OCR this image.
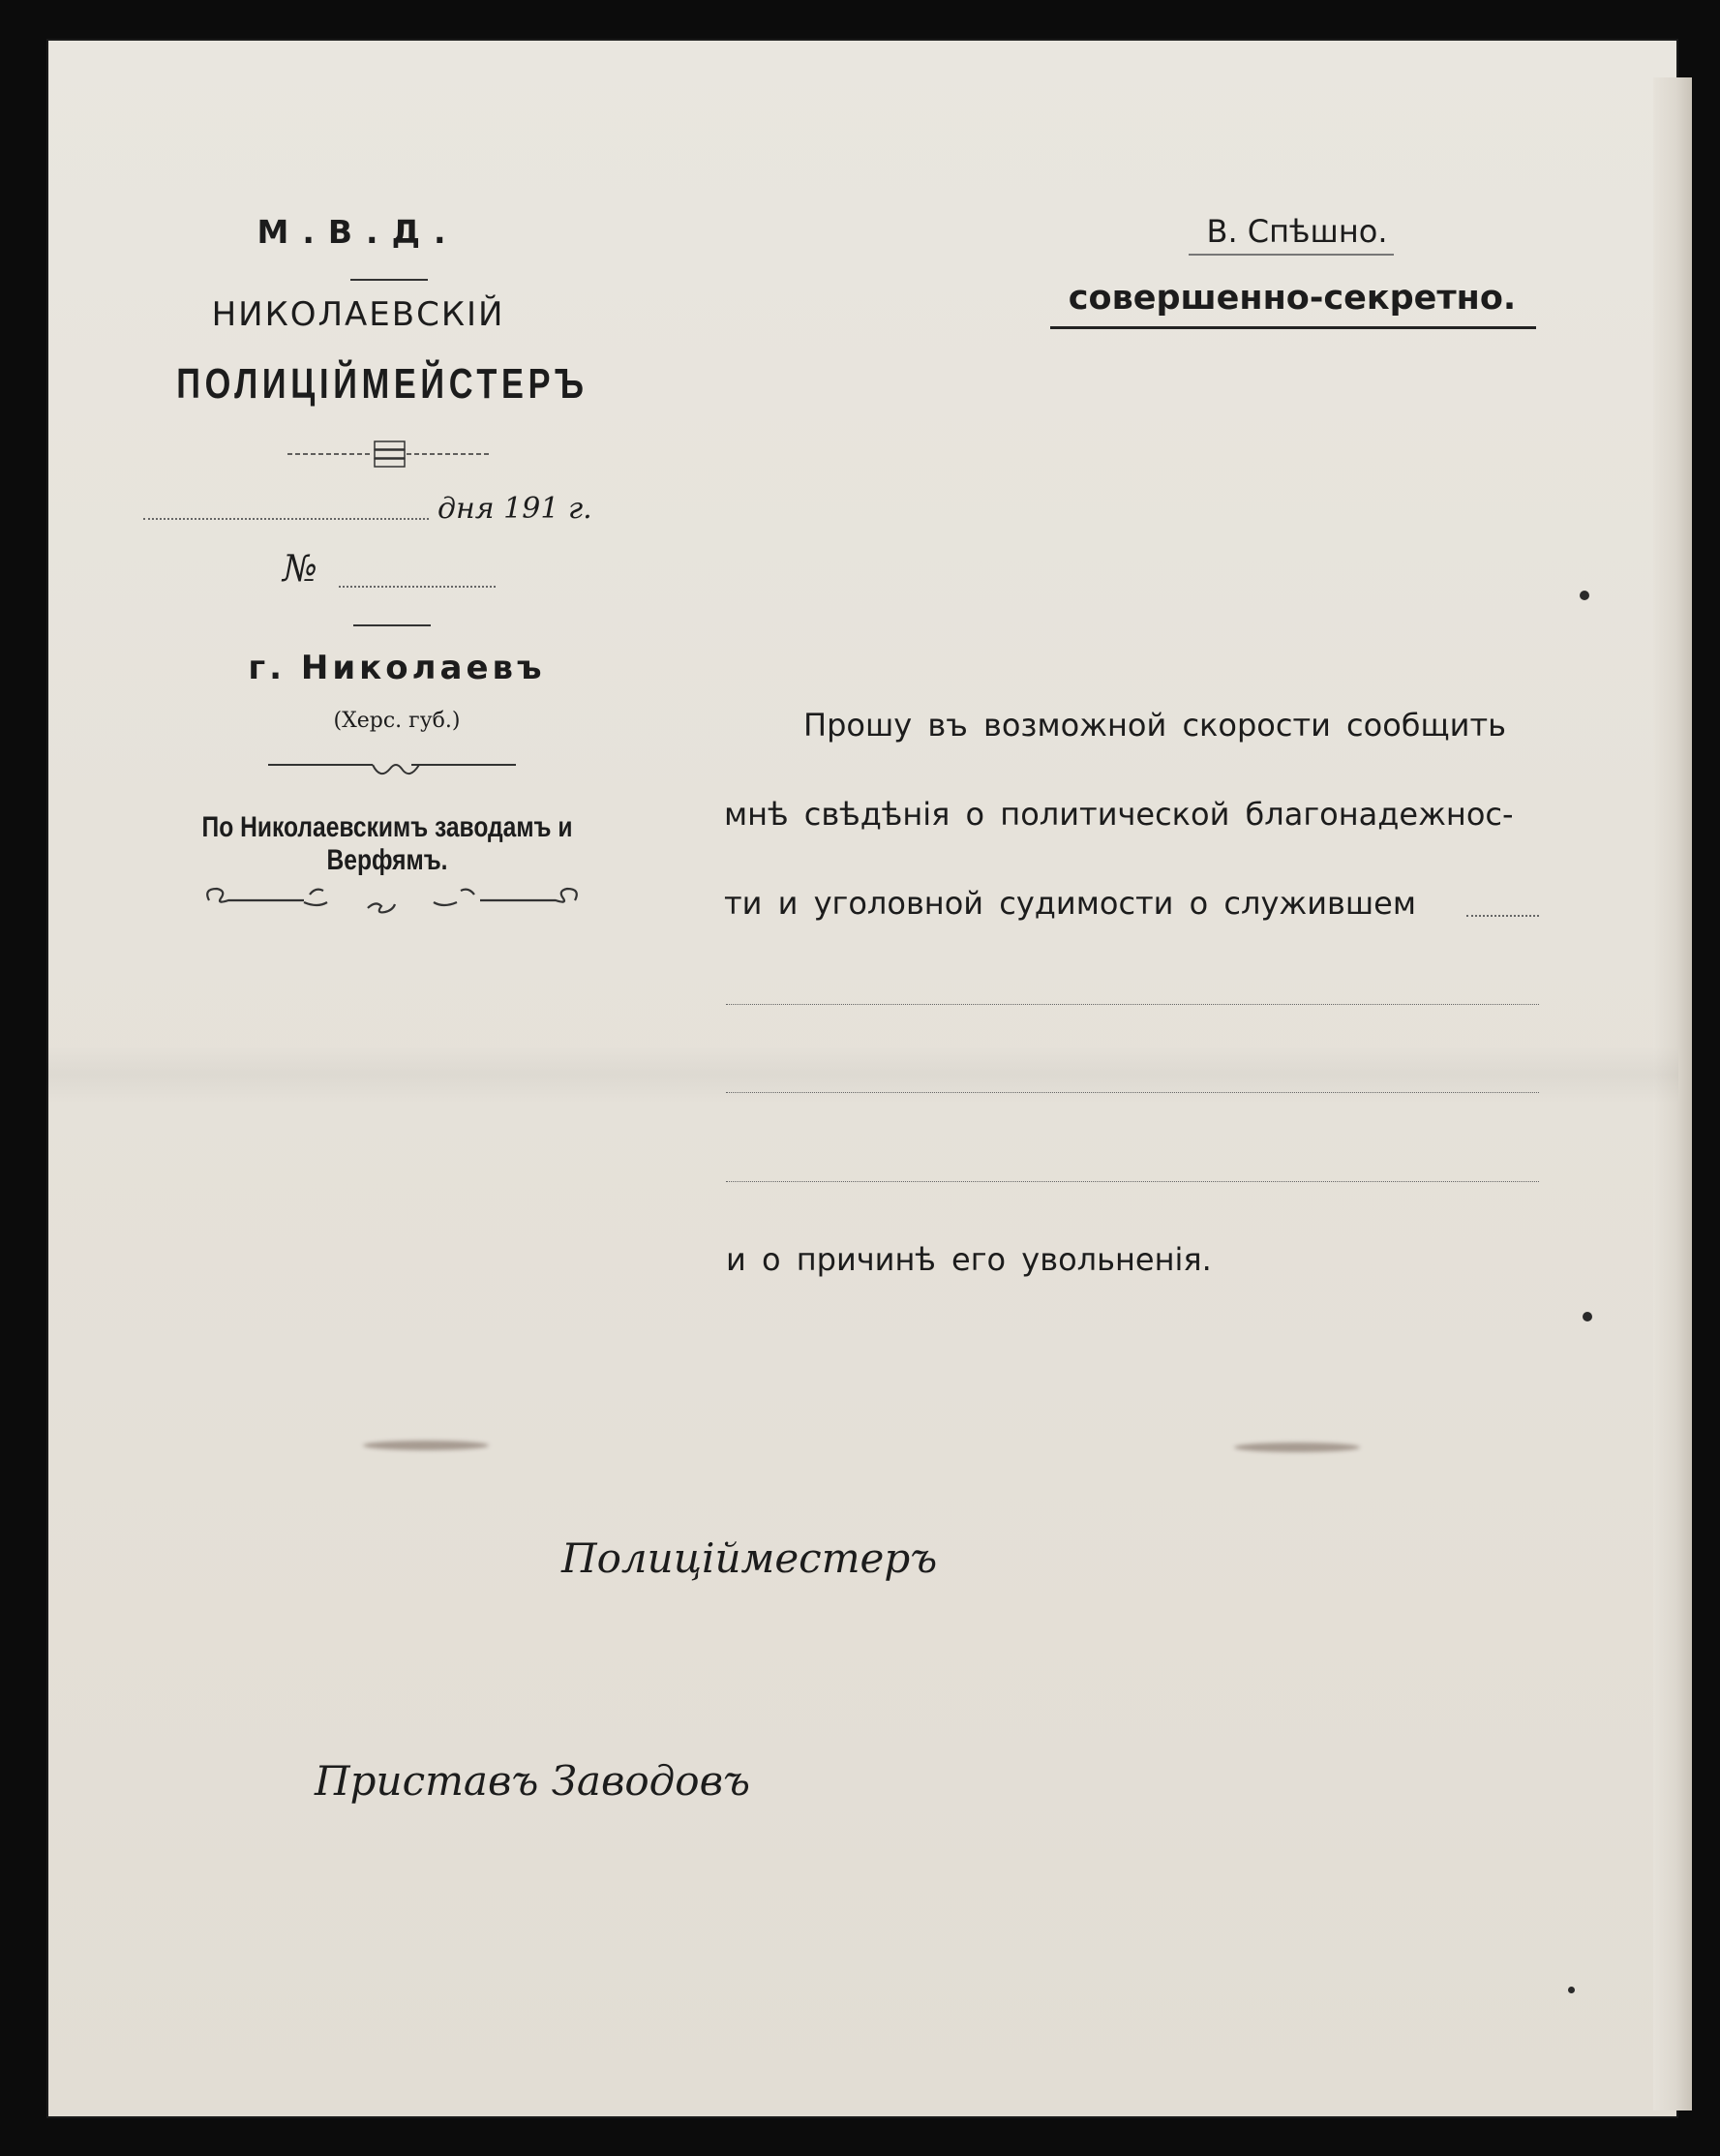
М.В.Д.
НИКОЛАЕВСКІЙ
ПОЛИЦІЙМЕЙСТЕРЪ
дня 191 г.
№
г. Николаевъ
(Херс. губ.)
По Николаевскимъ заводамъ и Верфямъ.
В. Спѣшно.
совершенно-секретно.
Прошу въ возможной скорости сообщить
мнѣ свѣдѣнія о политической благонадежнос-
ти и уголовной судимости о служившем
и о причинѣ его увольненія.
Полиційместеръ
Приставъ Заводовъ
